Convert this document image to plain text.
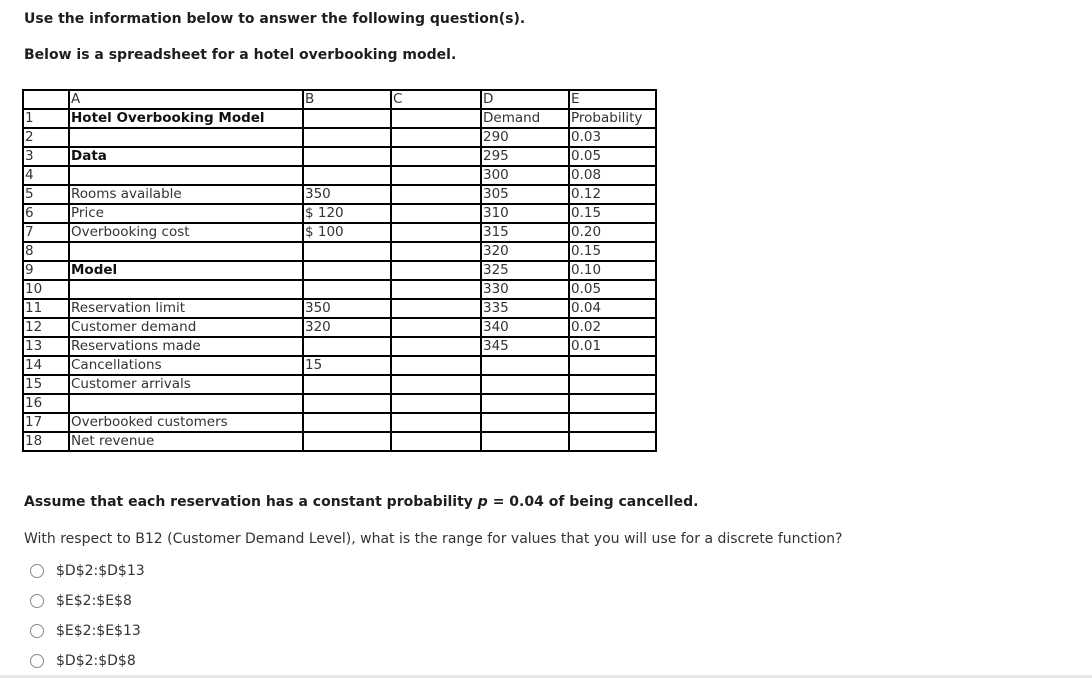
Use the information below to answer the following question(s).

Below is a spreadsheet for a hotel overbooking model.

	A	B	C	D	E
1	Hotel Overbooking Model			Demand	Probability
2				290	0.03
3	Data			295	0.05
4				300	0.08
5	Rooms available	350		305	0.12
6	Price	$ 120		310	0.15
7	Overbooking cost	$ 100		315	0.20
8				320	0.15
9	Model			325	0.10
10				330	0.05
11	Reservation limit	350		335	0.04
12	Customer demand	320		340	0.02
13	Reservations made			345	0.01
14	Cancellations	15			
15	Customer arrivals				
16					
17	Overbooked customers				
18	Net revenue				
Assume that each reservation has a constant probability p = 0.04 of being cancelled.
With respect to B12 (Customer Demand Level), what is the range for values that you will use for a discrete function?
$D$2:$D$13
$E$2:$E$8
$E$2:$E$13
$D$2:$D$8
